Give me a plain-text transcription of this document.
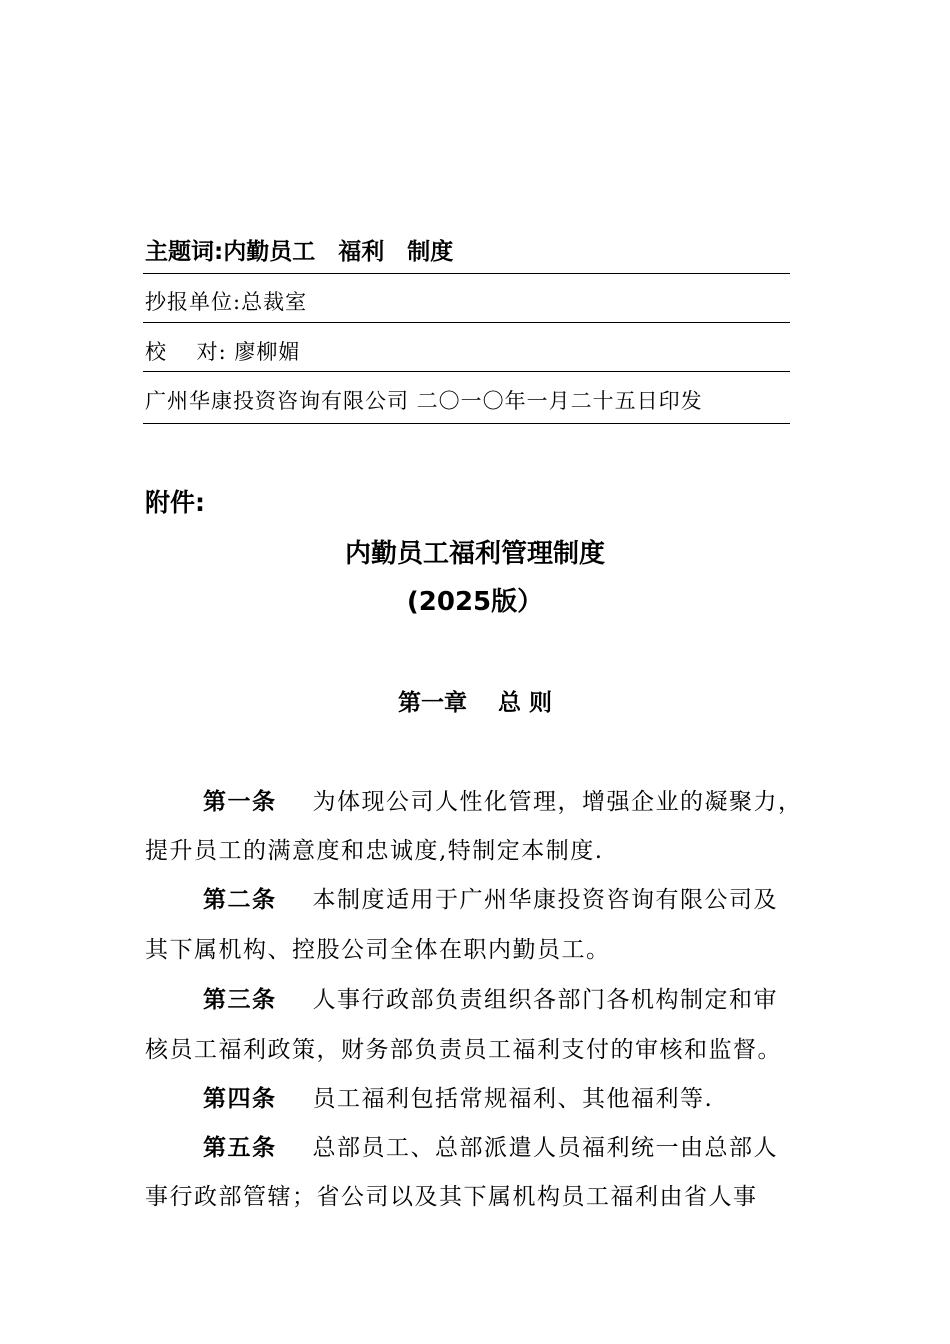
主题词:内勤员工　福利　制度
抄报单位:总裁室
校　 对: 廖柳媚
广州华康投资咨询有限公司 二〇一〇年一月二十五日印发
附件:
内勤员工福利管理制度
(2025版）
第一章　 总 则
第一条 为体现公司人性化管理，增强企业的凝聚力，
提升员工的满意度和忠诚度,特制定本制度.
第二条 本制度适用于广州华康投资咨询有限公司及
其下属机构、控股公司全体在职内勤员工。
第三条 人事行政部负责组织各部门各机构制定和审
核员工福利政策，财务部负责员工福利支付的审核和监督。
第四条 员工福利包括常规福利、其他福利等.
第五条 总部员工、总部派遣人员福利统一由总部人
事行政部管辖；省公司以及其下属机构员工福利由省人事
